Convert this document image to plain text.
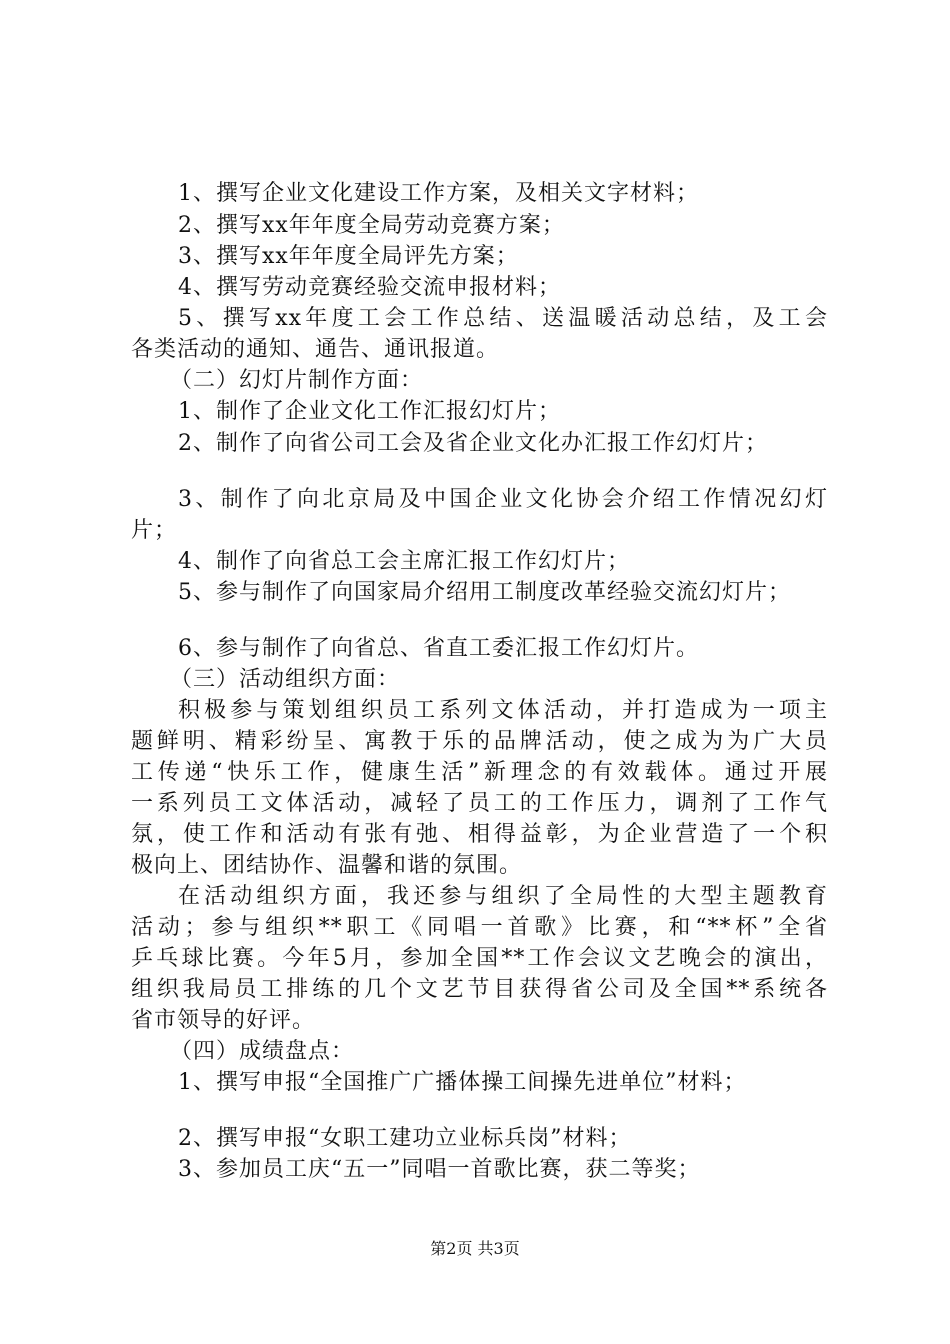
1、撰写企业文化建设工作方案，及相关文字材料；
2、撰写xx年年度全局劳动竞赛方案；
3、撰写xx年年度全局评先方案；
4、撰写劳动竞赛经验交流申报材料；
5、撰写xx年度工会工作总结、送温暖活动总结，及工会
各类活动的通知、通告、通讯报道。
（二）幻灯片制作方面：
1、制作了企业文化工作汇报幻灯片；
2、制作了向省公司工会及省企业文化办汇报工作幻灯片；
3、制作了向北京局及中国企业文化协会介绍工作情况幻灯
片；
4、制作了向省总工会主席汇报工作幻灯片；
5、参与制作了向国家局介绍用工制度改革经验交流幻灯片；
6、参与制作了向省总、省直工委汇报工作幻灯片。
（三）活动组织方面：
积极参与策划组织员工系列文体活动，并打造成为一项主
题鲜明、精彩纷呈、寓教于乐的品牌活动，使之成为为广大员
工传递“快乐工作，健康生活”新理念的有效载体。通过开展
一系列员工文体活动，减轻了员工的工作压力，调剂了工作气
氛，使工作和活动有张有弛、相得益彰，为企业营造了一个积
极向上、团结协作、温馨和谐的氛围。
在活动组织方面，我还参与组织了全局性的大型主题教育
活动；参与组织**职工《同唱一首歌》比赛，和“**杯”全省
乒乓球比赛。今年5月，参加全国**工作会议文艺晚会的演出，
组织我局员工排练的几个文艺节目获得省公司及全国**系统各
省市领导的好评。
（四）成绩盘点：
1、撰写申报“全国推广广播体操工间操先进单位”材料；
2、撰写申报“女职工建功立业标兵岗”材料；
3、参加员工庆“五一”同唱一首歌比赛，获二等奖；
第2页 共3页
